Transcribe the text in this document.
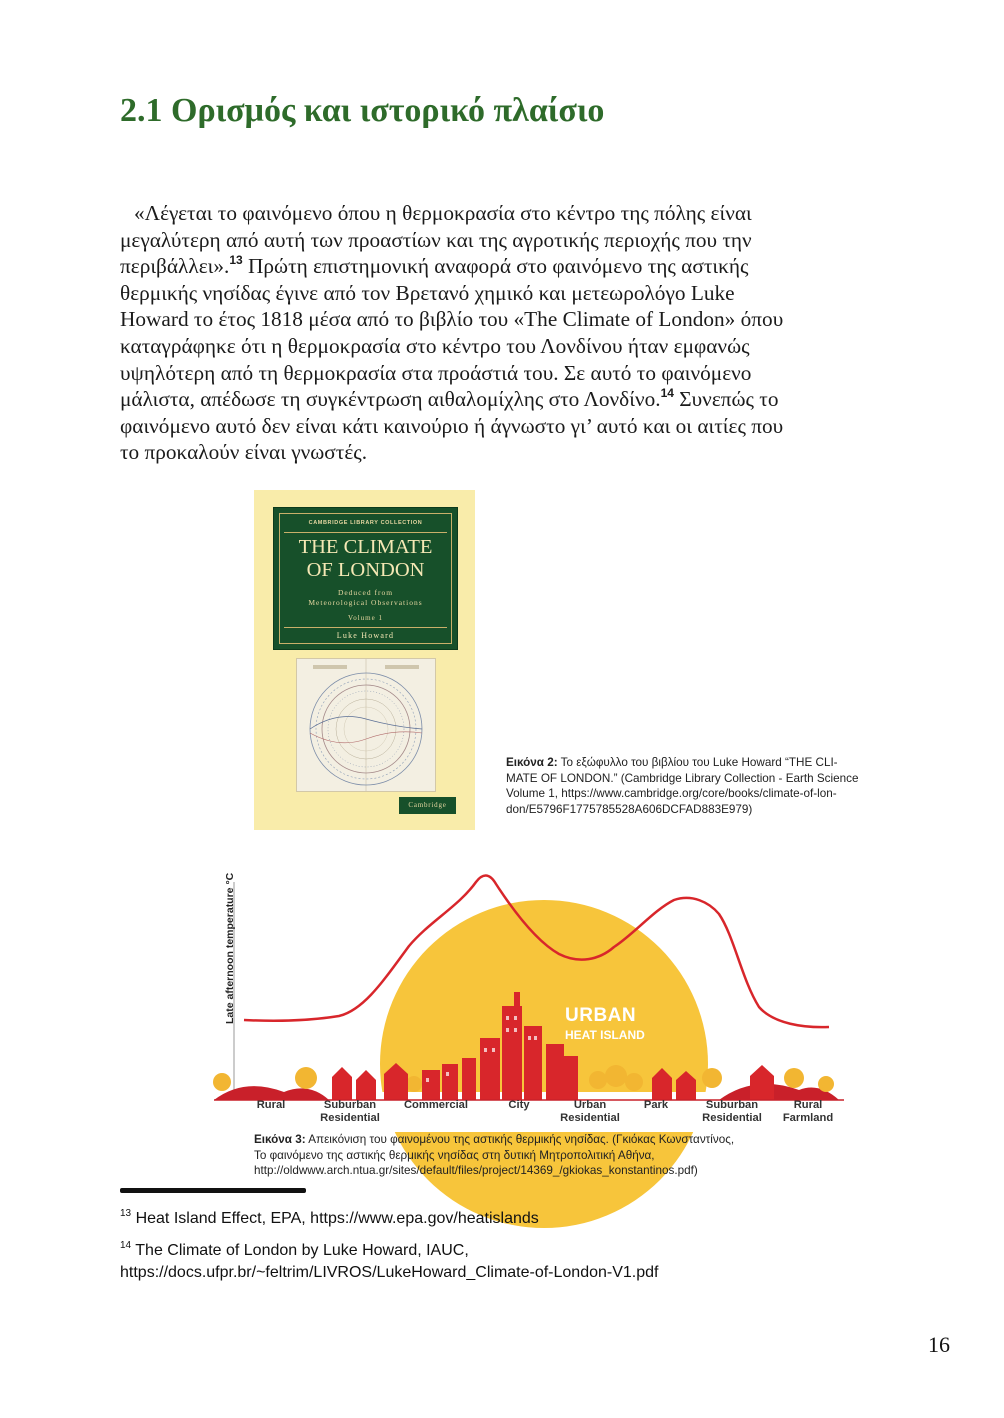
2.1 Ορισμός και ιστορικό πλαίσιο

«Λέγεται το φαινόμενο όπου η θερμοκρασία στο κέντρο της πόλης είναι
μεγαλύτερη από αυτή των προαστίων και της αγροτικής περιοχής που την
περιβάλλει».$^{13}$ Πρώτη επιστημονική αναφορά στο φαινόμενο της αστικής
θερμικής νησίδας έγινε από τον Βρετανό χημικό και μετεωρολόγο Luke
Howard το έτος 1818 μέσα από το βιβλίο του «The Climate of London» όπου
καταγράφηκε ότι η θερμοκρασία στο κέντρο του Λονδίνου ήταν εμφανώς
υψηλότερη από τη θερμοκρασία στα προάστιά του. Σε αυτό το φαινόμενο
μάλιστα, απέδωσε τη συγκέντρωση αιθαλομίχλης στο Λονδίνο.$^{14}$ Συνεπώς το
φαινόμενο αυτό δεν είναι κάτι καινούριο ή άγνωστο γι’ αυτό και οι αιτίες που
το προκαλούν είναι γνωστές.

CAMBRIDGE LIBRARY COLLECTION
THE CLIMATE
OF LONDON
Deduced from
Meteorological Observations
Volume 1
Luke Howard
Cambridge

Εικόνα 2: Το εξώφυλλο του βιβλίου του Luke Howard “THE CLI-
MATE OF LONDON.” (Cambridge Library Collection - Earth Science
Volume 1, https://www.cambridge.org/core/books/climate-of-lon-
don/E5796F1775785528A606DCFAD883E979)

Late afternoon temperature °C	URBAN
HEAT ISLAND
Rural	Suburban
Residential
Commercial	City	Urban
Residential
Park	Suburban
Residential
Rural
Farmland

Εικόνα 3: Απεικόνιση του φαινομένου της αστικής θερμικής νησίδας. (Γκιόκας Κωνσταντίνος,
Το φαινόμενο της αστικής θερμικής νησίδας στη δυτική Μητροπολιτική Αθήνα,
http://oldwww.arch.ntua.gr/sites/default/files/project/14369_/gkiokas_konstantinos.pdf)

$^{13}$ Heat Island Effect, EPA, https://www.epa.gov/heatislands

$^{14}$ The Climate of London by Luke Howard, IAUC,
https://docs.ufpr.br/~feltrim/LIVROS/LukeHoward_Climate-of-London-V1.pdf

16
